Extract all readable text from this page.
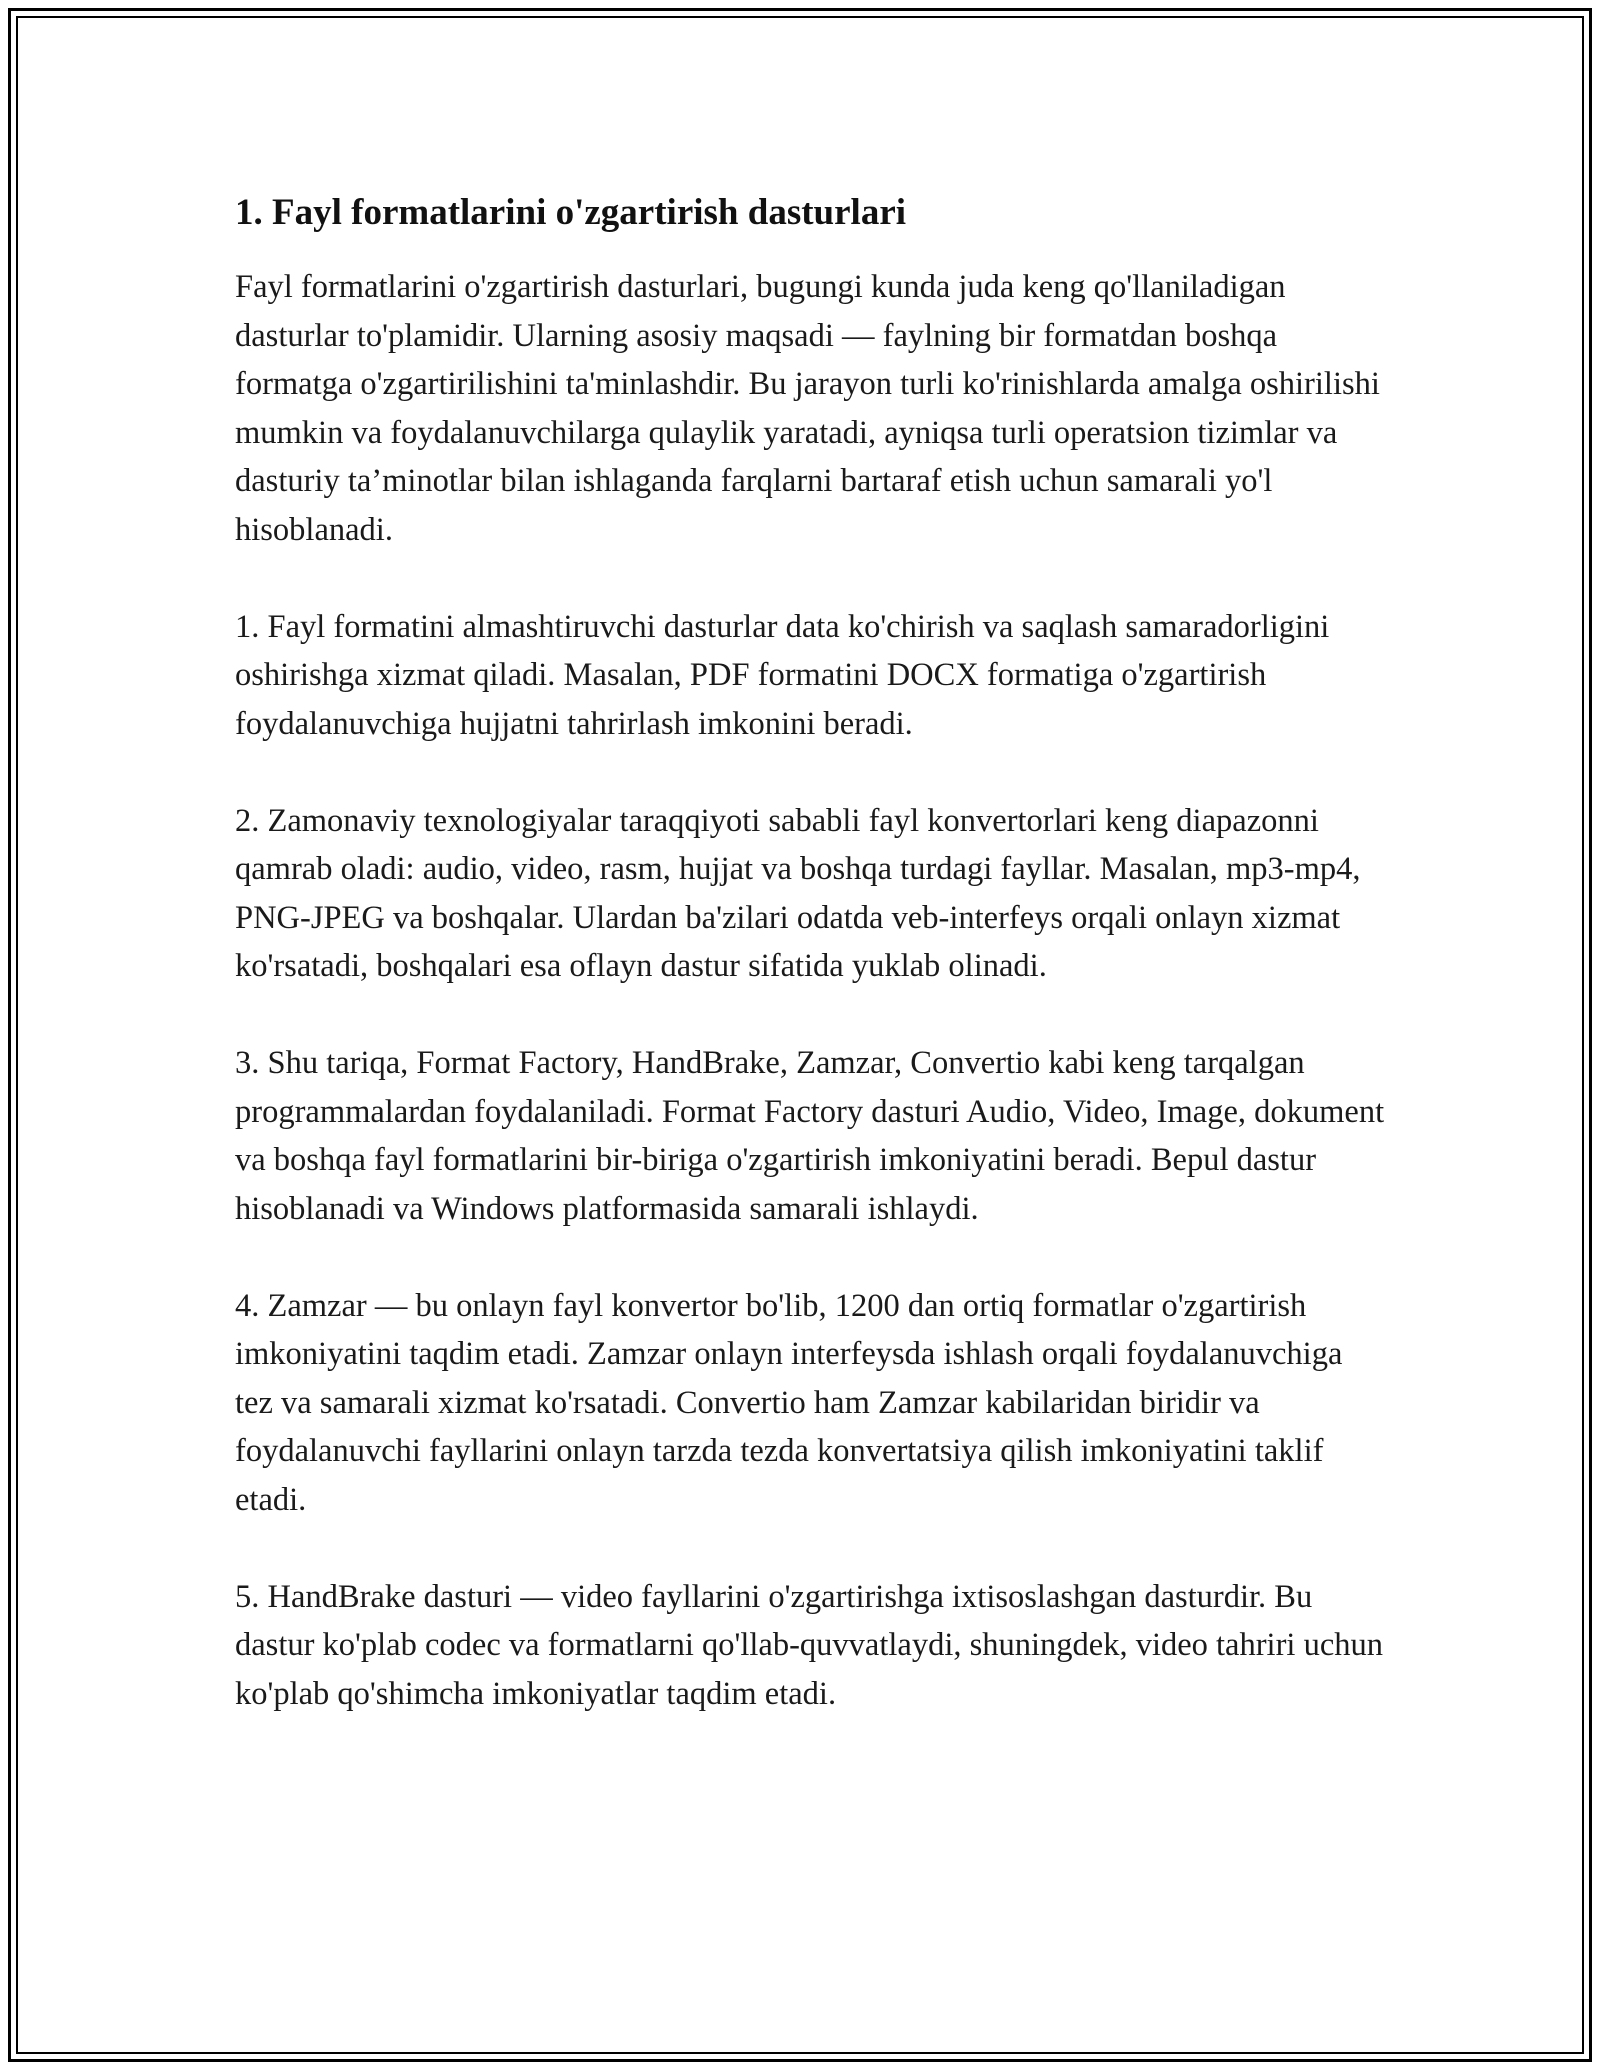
1. Fayl formatlarini o'zgartirish dasturlari

Fayl formatlarini o'zgartirish dasturlari, bugungi kunda juda keng qo'llaniladigan dasturlar to'plamidir. Ularning asosiy maqsadi — faylning bir formatdan boshqa formatga o'zgartirilishini ta'minlashdir. Bu jarayon turli ko'rinishlarda amalga oshirilishi mumkin va foydalanuvchilarga qulaylik yaratadi, ayniqsa turli operatsion tizimlar va dasturiy ta’minotlar bilan ishlaganda farqlarni bartaraf etish uchun samarali yo'l hisoblanadi.

1. Fayl formatini almashtiruvchi dasturlar data ko'chirish va saqlash samaradorligini oshirishga xizmat qiladi. Masalan, PDF formatini DOCX formatiga o'zgartirish foydalanuvchiga hujjatni tahrirlash imkonini beradi.

2. Zamonaviy texnologiyalar taraqqiyoti sababli fayl konvertorlari keng diapazonni qamrab oladi: audio, video, rasm, hujjat va boshqa turdagi fayllar. Masalan, mp3-mp4, PNG-JPEG va boshqalar. Ulardan ba'zilari odatda veb-interfeys orqali onlayn xizmat ko'rsatadi, boshqalari esa oflayn dastur sifatida yuklab olinadi.

3. Shu tariqa, Format Factory, HandBrake, Zamzar, Convertio kabi keng tarqalgan programmalardan foydalaniladi. Format Factory dasturi Audio, Video, Image, dokument va boshqa fayl formatlarini bir-biriga o'zgartirish imkoniyatini beradi. Bepul dastur hisoblanadi va Windows platformasida samarali ishlaydi.

4. Zamzar — bu onlayn fayl konvertor bo'lib, 1200 dan ortiq formatlar o'zgartirish imkoniyatini taqdim etadi. Zamzar onlayn interfeysda ishlash orqali foydalanuvchiga tez va samarali xizmat ko'rsatadi. Convertio ham Zamzar kabilaridan biridir va foydalanuvchi fayllarini onlayn tarzda tezda konvertatsiya qilish imkoniyatini taklif etadi.

5. HandBrake dasturi — video fayllarini o'zgartirishga ixtisoslashgan dasturdir. Bu dastur ko'plab codec va formatlarni qo'llab-quvvatlaydi, shuningdek, video tahriri uchun ko'plab qo'shimcha imkoniyatlar taqdim etadi.
